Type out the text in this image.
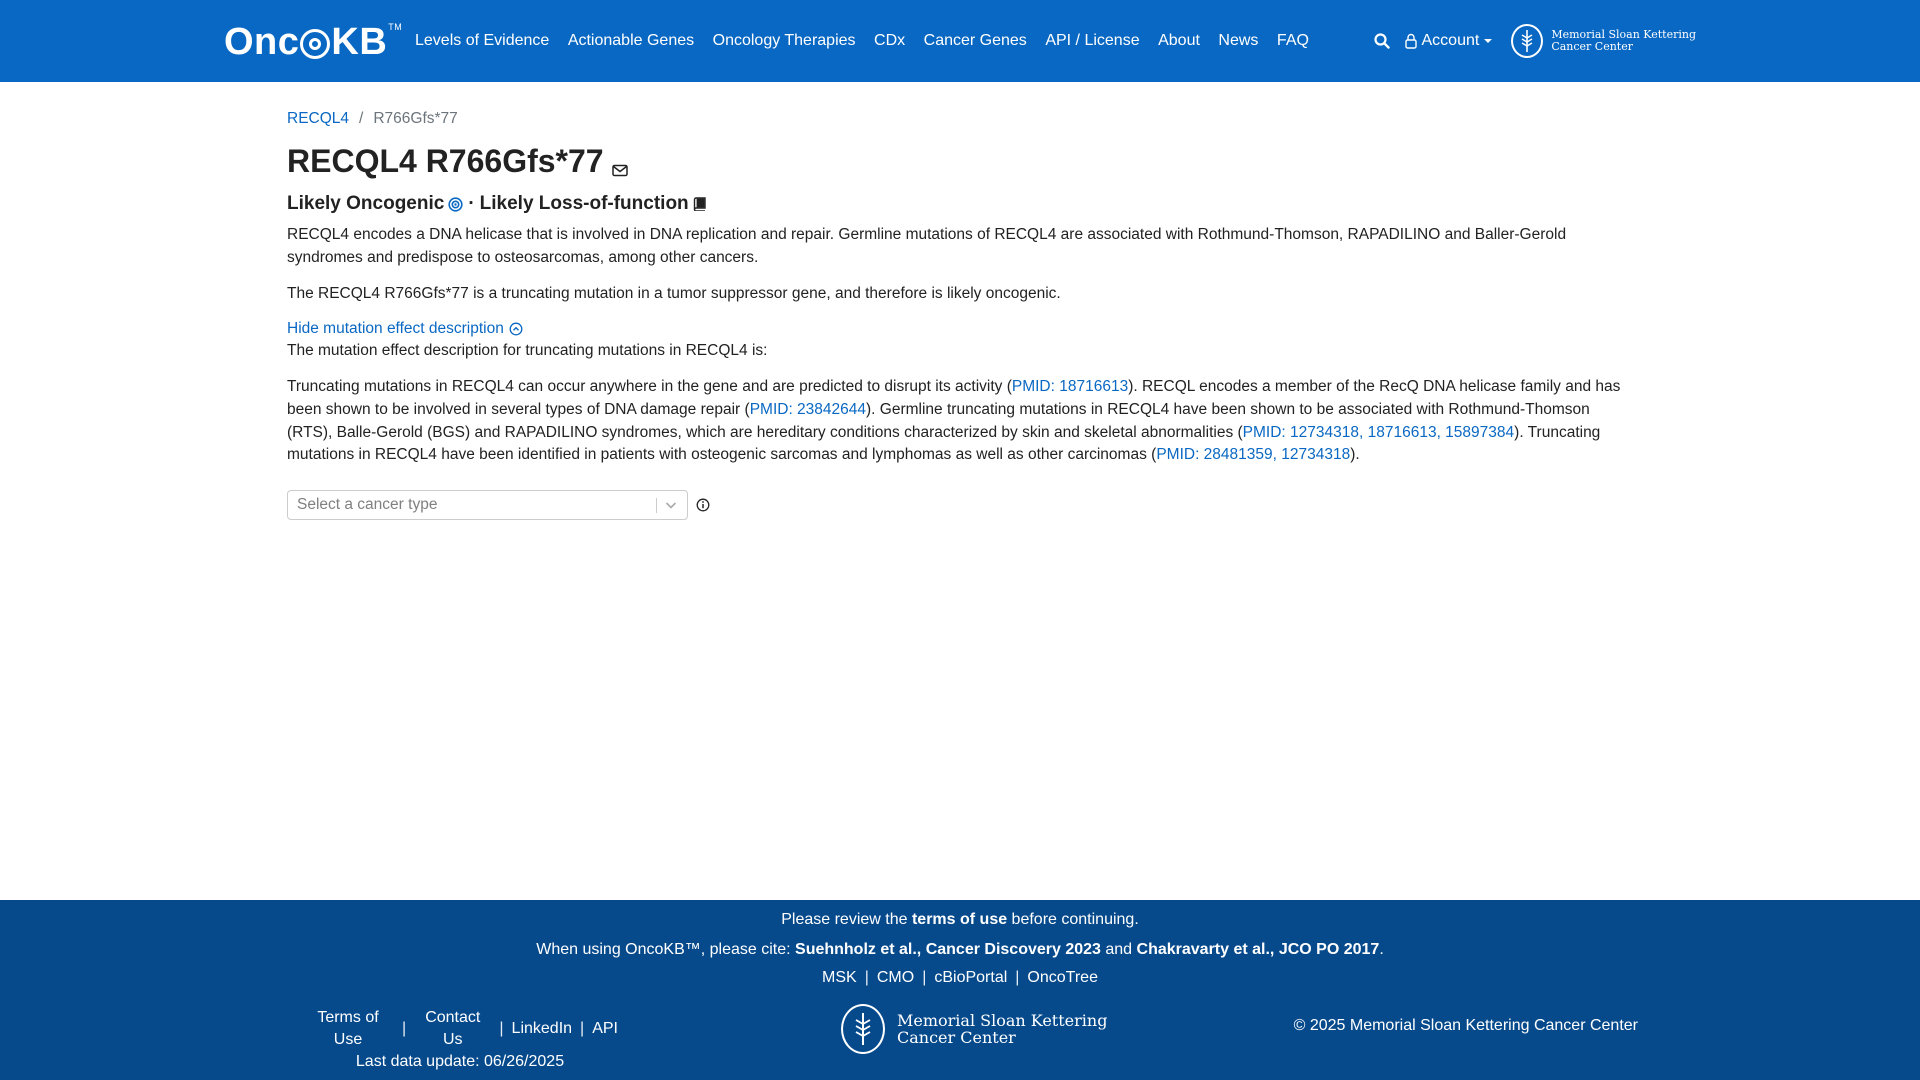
Onc KB TM
Levels of Evidence Actionable Genes Oncology Therapies CDx Cancer Genes API / License About News FAQ	Account	Memorial Sloan Kettering
Cancer Center
RECQL4 / R766Gfs*77
RECQL4 R766Gfs*77
Likely Oncogenic · Likely Loss-of-function

RECQL4 encodes a DNA helicase that is involved in DNA replication and repair. Germline mutations of RECQL4 are associated with Rothmund-Thomson, RAPADILINO and Baller-Gerold syndromes and predispose to osteosarcomas, among other cancers.

The RECQL4 R766Gfs*77 is a truncating mutation in a tumor suppressor gene, and therefore is likely oncogenic.

Hide mutation effect description

The mutation effect description for truncating mutations in RECQL4 is:

Truncating mutations in RECQL4 can occur anywhere in the gene and are predicted to disrupt its activity (PMID: 18716613). RECQL encodes a member of the RecQ DNA helicase family and has been shown to be involved in several types of DNA damage repair (PMID: 23842644). Germline truncating mutations in RECQL4 have been shown to be associated with Rothmund-Thomson (RTS), Balle-Gerold (BGS) and RAPADILINO syndromes, which are hereditary conditions characterized by skin and skeletal abnormalities (PMID: 12734318, 18716613, 15897384). Truncating mutations in RECQL4 have been identified in patients with osteogenic sarcomas and lymphomas as well as other carcinomas (PMID: 28481359, 12734318).

Select a cancer type
Please review the terms of use before continuing.
When using OncoKB™, please cite: Suehnholz et al., Cancer Discovery 2023 and Chakravarty et al., JCO PO 2017.
MSK | CMO | cBioPortal | OncoTree
Terms of Use
|
Contact Us
| LinkedIn | API
Last data update: 06/26/2025
Memorial Sloan Kettering
Cancer Center
© 2025 Memorial Sloan Kettering Cancer Center
